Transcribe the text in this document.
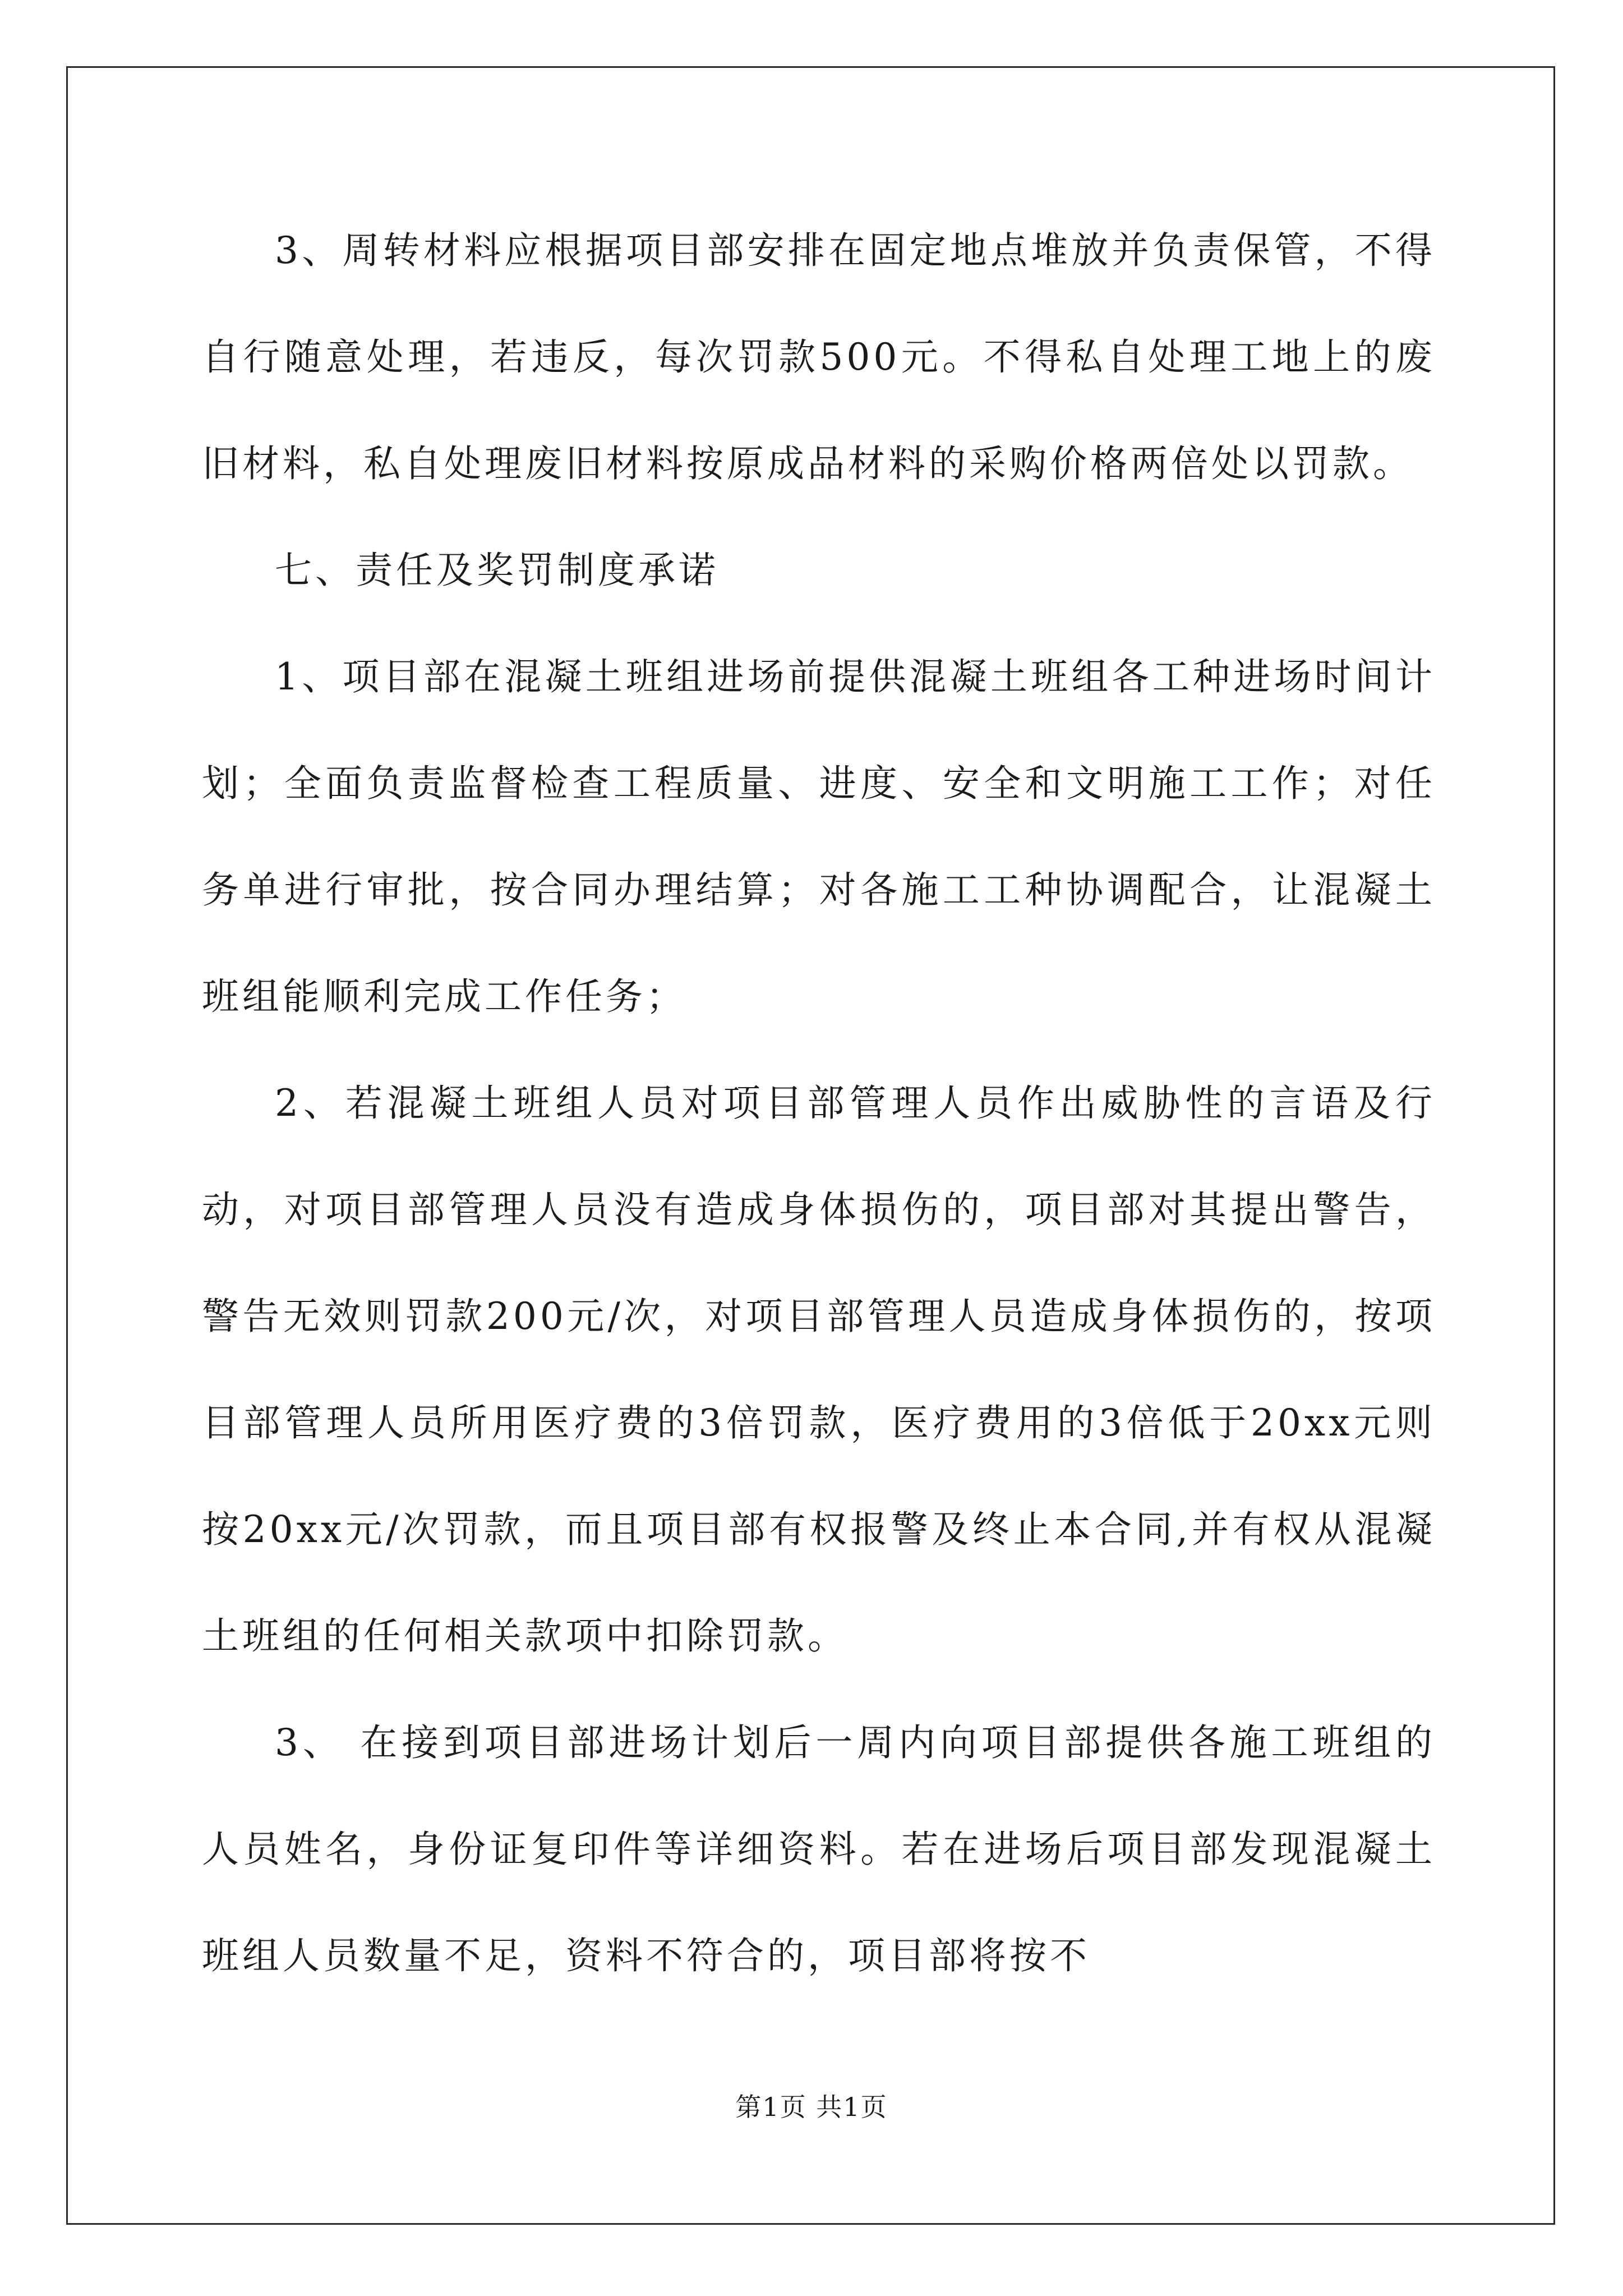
3、周转材料应根据项目部安排在固定地点堆放并负责保管，不得自行随意处理，若违反，每次罚款500元。不得私自处理工地上的废旧材料，私自处理废旧材料按原成品材料的采购价格两倍处以罚款。

七、责任及奖罚制度承诺

1、项目部在混凝土班组进场前提供混凝土班组各工种进场时间计划；全面负责监督检查工程质量、进度、安全和文明施工工作；对任务单进行审批，按合同办理结算；对各施工工种协调配合，让混凝土班组能顺利完成工作任务；

2、若混凝土班组人员对项目部管理人员作出威胁性的言语及行动，对项目部管理人员没有造成身体损伤的，项目部对其提出警告，警告无效则罚款200元/次，对项目部管理人员造成身体损伤的，按项目部管理人员所用医疗费的3倍罚款，医疗费用的3倍低于20xx元则按20xx元/次罚款，而且项目部有权报警及终止本合同,并有权从混凝土班组的任何相关款项中扣除罚款。

3、 在接到项目部进场计划后一周内向项目部提供各施工班组的人员姓名，身份证复印件等详细资料。若在进场后项目部发现混凝土班组人员数量不足，资料不符合的，项目部将按不

第1页 共1页
